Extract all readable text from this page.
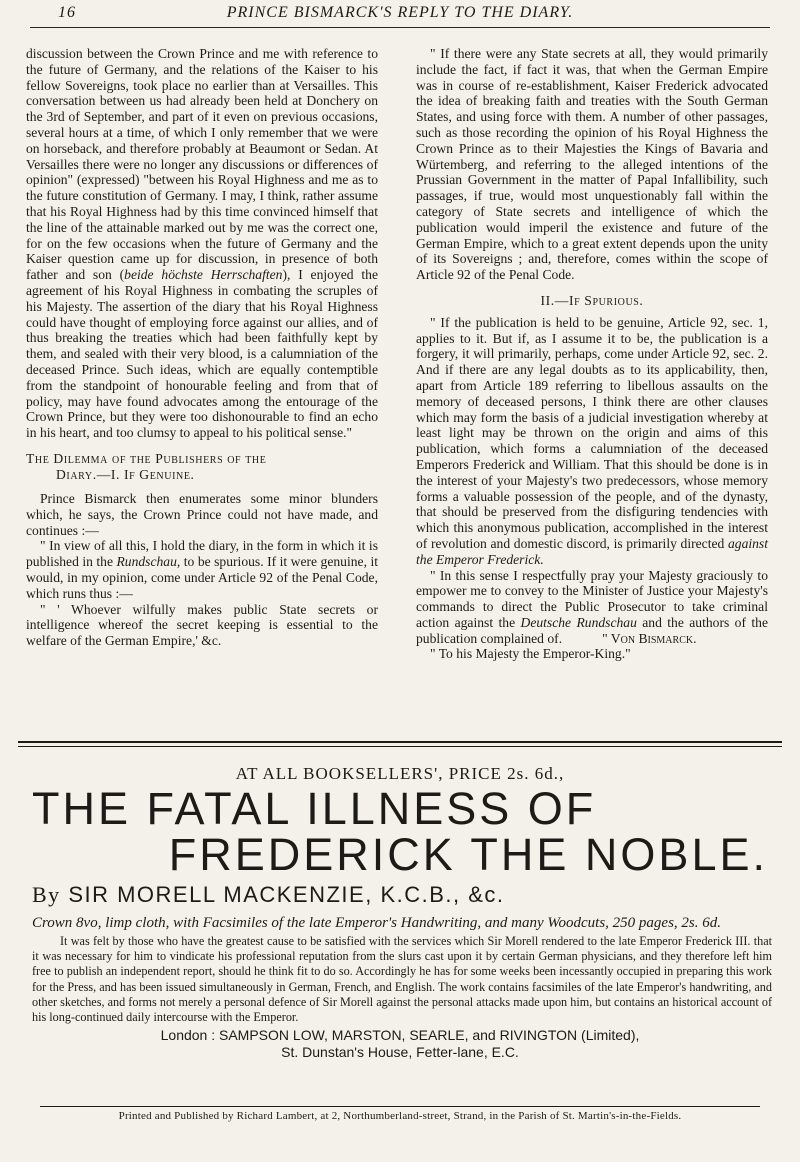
16	PRINCE BISMARCK'S REPLY TO THE DIARY.

discussion between the Crown Prince and me with reference to the future of Germany, and the relations of the Kaiser to his fellow Sovereigns, took place no earlier than at Versailles. This conversation between us had already been held at Donchery on the 3rd of September, and part of it even on previous occasions, several hours at a time, of which I only remember that we were on horseback, and therefore probably at Beaumont or Sedan. At Versailles there were no longer any discussions or differences of opinion" (expressed) "between his Royal Highness and me as to the future constitution of Germany. I may, I think, rather assume that his Royal Highness had by this time convinced himself that the line of the attainable marked out by me was the correct one, for on the few occasions when the future of Germany and the Kaiser question came up for discussion, in presence of both father and son (beide höchste Herrschaften), I enjoyed the agreement of his Royal Highness in combating the scruples of his Majesty. The assertion of the diary that his Royal Highness could have thought of employing force against our allies, and of thus breaking the treaties which had been faithfully kept by them, and sealed with their very blood, is a calumniation of the deceased Prince. Such ideas, which are equally contemptible from the standpoint of honourable feeling and from that of policy, may have found advocates among the entourage of the Crown Prince, but they were too dishonourable to find an echo in his heart, and too clumsy to appeal to his political sense."

The Dilemma of the Publishers of the
Diary.—I. If Genuine.

Prince Bismarck then enumerates some minor blunders which, he says, the Crown Prince could not have made, and continues :—

" In view of all this, I hold the diary, in the form in which it is published in the Rundschau, to be spurious. If it were genuine, it would, in my opinion, come under Article 92 of the Penal Code, which runs thus :—

" ' Whoever wilfully makes public State secrets or intelligence whereof the secret keeping is essential to the welfare of the German Empire,' &c.

" If there were any State secrets at all, they would primarily include the fact, if fact it was, that when the German Empire was in course of re-establishment, Kaiser Frederick advocated the idea of breaking faith and treaties with the South German States, and using force with them. A number of other passages, such as those recording the opinion of his Royal Highness the Crown Prince as to their Majesties the Kings of Bavaria and Würtemberg, and referring to the alleged intentions of the Prussian Government in the matter of Papal Infallibility, such passages, if true, would most unquestionably fall within the category of State secrets and intelligence of which the publication would imperil the existence and future of the German Empire, which to a great extent depends upon the unity of its Sovereigns ; and, therefore, comes within the scope of Article 92 of the Penal Code.

II.—If Spurious.

" If the publication is held to be genuine, Article 92, sec. 1, applies to it. But if, as I assume it to be, the publication is a forgery, it will primarily, perhaps, come under Article 92, sec. 2. And if there are any legal doubts as to its applicability, then, apart from Article 189 referring to libellous assaults on the memory of deceased persons, I think there are other clauses which may form the basis of a judicial investigation whereby at least light may be thrown on the origin and aims of this publication, which forms a calumniation of the deceased Emperors Frederick and William. That this should be done is in the interest of your Majesty's two predecessors, whose memory forms a valuable possession of the people, and of the dynasty, that should be preserved from the disfiguring tendencies with which this anonymous publication, accomplished in the interest of revolution and domestic discord, is primarily directed against the Emperor Frederick.

" In this sense I respectfully pray your Majesty graciously to empower me to convey to the Minister of Justice your Majesty's commands to direct the Public Prosecutor to take criminal action against the Deutsche Rundschau and the authors of the publication complained of.	" Von Bismarck.

" To his Majesty the Emperor-King."

AT ALL BOOKSELLERS', PRICE 2s. 6d.,
THE FATAL ILLNESS OF
FREDERICK THE NOBLE.
By SIR MORELL MACKENZIE, K.C.B., &c.
Crown 8vo, limp cloth, with Facsimiles of the late Emperor's Handwriting, and many Woodcuts, 250 pages, 2s. 6d.
It was felt by those who have the greatest cause to be satisfied with the services which Sir Morell rendered to the late Emperor Frederick III. that it was necessary for him to vindicate his professional reputation from the slurs cast upon it by certain German physicians, and they therefore left him free to publish an independent report, should he think fit to do so. Accordingly he has for some weeks been incessantly occupied in preparing this work for the Press, and has been issued simultaneously in German, French, and English. The work contains facsimiles of the late Emperor's handwriting, and other sketches, and forms not merely a personal defence of Sir Morell against the personal attacks made upon him, but contains an historical account of his long-continued daily intercourse with the Emperor.
London : SAMPSON LOW, MARSTON, SEARLE, and RIVINGTON (Limited),
St. Dunstan's House, Fetter-lane, E.C.
Printed and Published by Richard Lambert, at 2, Northumberland-street, Strand, in the Parish of St. Martin's-in-the-Fields.
